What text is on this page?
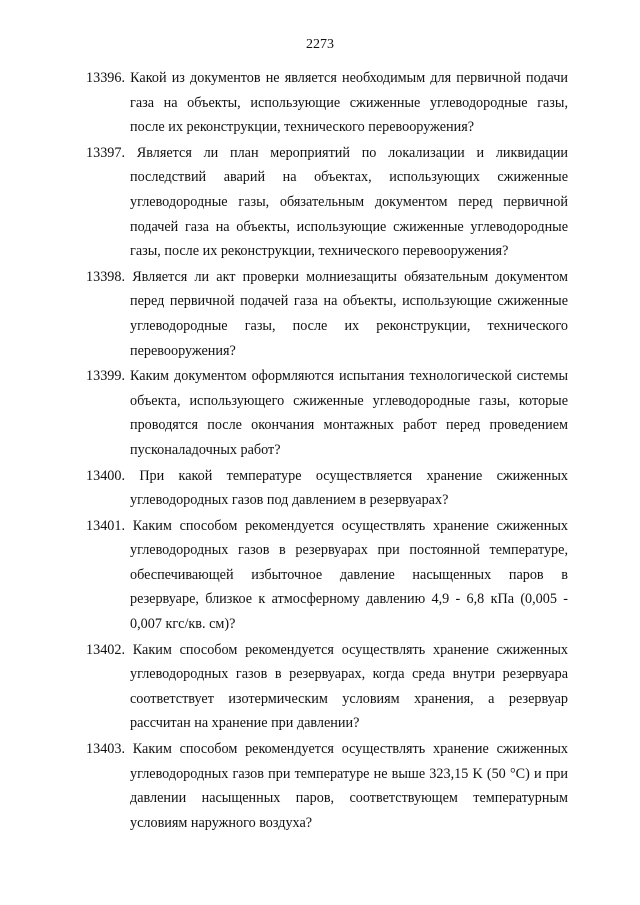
2273

13396. Какой из документов не является необходимым для первичной подачи газа на объекты, использующие сжиженные углеводородные газы, после их реконструкции, технического перевооружения?

13397. Является ли план мероприятий по локализации и ликвидации последствий аварий на объектах, использующих сжиженные углеводородные газы, обязательным документом перед первичной подачей газа на объекты, использующие сжиженные углеводородные газы, после их реконструкции, технического перевооружения?

13398. Является ли акт проверки молниезащиты обязательным документом перед первичной подачей газа на объекты, использующие сжиженные углеводородные газы, после их реконструкции, технического перевооружения?

13399. Каким документом оформляются испытания технологической системы объекта, использующего сжиженные углеводородные газы, которые проводятся после окончания монтажных работ перед проведением пусконаладочных работ?

13400. При какой температуре осуществляется хранение сжиженных углеводородных газов под давлением в резервуарах?

13401. Каким способом рекомендуется осуществлять хранение сжиженных углеводородных газов в резервуарах при постоянной температуре, обеспечивающей избыточное давление насыщенных паров в резервуаре, близкое к атмосферному давлению 4,9 - 6,8 кПа (0,005 - 0,007 кгс/кв. см)?

13402. Каким способом рекомендуется осуществлять хранение сжиженных углеводородных газов в резервуарах, когда среда внутри резервуара соответствует изотермическим условиям хранения, а резервуар рассчитан на хранение при давлении?

13403. Каким способом рекомендуется осуществлять хранение сжиженных углеводородных газов при температуре не выше 323,15 K (50 °C) и при давлении насыщенных паров, соответствующем температурным условиям наружного воздуха?
